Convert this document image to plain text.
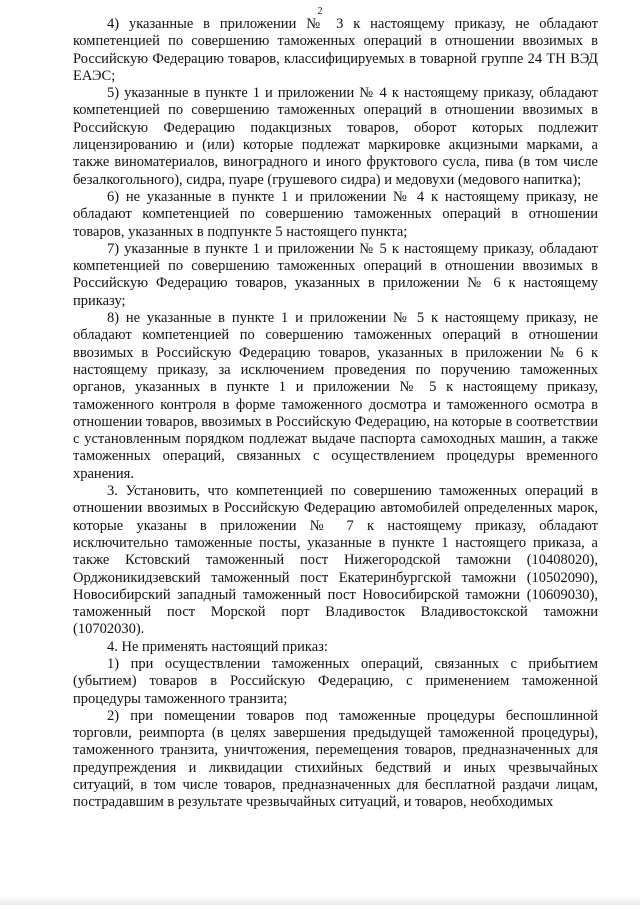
2

4) указанные в приложении № 3 к настоящему приказу, не обладают компетенцией по совершению таможенных операций в отношении ввозимых в Российскую Федерацию товаров, классифицируемых в товарной группе 24 ТН ВЭД ЕАЭС;

5) указанные в пункте 1 и приложении № 4 к настоящему приказу, обладают компетенцией по совершению таможенных операций в отношении ввозимых в Российскую Федерацию подакцизных товаров, оборот которых подлежит лицензированию и (или) которые подлежат маркировке акцизными марками, а также виноматериалов, виноградного и иного фруктового сусла, пива (в том числе безалкогольного), сидра, пуаре (грушевого сидра) и медовухи (медового напитка);

6) не указанные в пункте 1 и приложении № 4 к настоящему приказу, не обладают компетенцией по совершению таможенных операций в отношении товаров, указанных в подпункте 5 настоящего пункта;

7) указанные в пункте 1 и приложении № 5 к настоящему приказу, обладают компетенцией по совершению таможенных операций в отношении ввозимых в Российскую Федерацию товаров, указанных в приложении № 6 к настоящему приказу;

8) не указанные в пункте 1 и приложении № 5 к настоящему приказу, не обладают компетенцией по совершению таможенных операций в отношении ввозимых в Российскую Федерацию товаров, указанных в приложении № 6 к настоящему приказу, за исключением проведения по поручению таможенных органов, указанных в пункте 1 и приложении № 5 к настоящему приказу, таможенного контроля в форме таможенного досмотра и таможенного осмотра в отношении товаров, ввозимых в Российскую Федерацию, на которые в соответствии с установленным порядком подлежат выдаче паспорта самоходных машин, а также таможенных операций, связанных с осуществлением процедуры временного хранения.

3. Установить, что компетенцией по совершению таможенных операций в отношении ввозимых в Российскую Федерацию автомобилей определенных марок, которые указаны в приложении № 7 к настоящему приказу, обладают исключительно таможенные посты, указанные в пункте 1 настоящего приказа, а также Кстовский таможенный пост Нижегородской таможни (10408020), Орджоникидзевский таможенный пост Екатеринбургской таможни (10502090), Новосибирский западный таможенный пост Новосибирской таможни (10609030), таможенный пост Морской порт Владивосток Владивостокской таможни (10702030).

4. Не применять настоящий приказ:

1) при осуществлении таможенных операций, связанных с прибытием (убытием) товаров в Российскую Федерацию, с применением таможенной процедуры таможенного транзита;

2) при помещении товаров под таможенные процедуры беспошлинной торговли, реимпорта (в целях завершения предыдущей таможенной процедуры), таможенного транзита, уничтожения, перемещения товаров, предназначенных для предупреждения и ликвидации стихийных бедствий и иных чрезвычайных ситуаций, в том числе товаров, предназначенных для бесплатной раздачи лицам, пострадавшим в результате чрезвычайных ситуаций, и товаров, необходимых
